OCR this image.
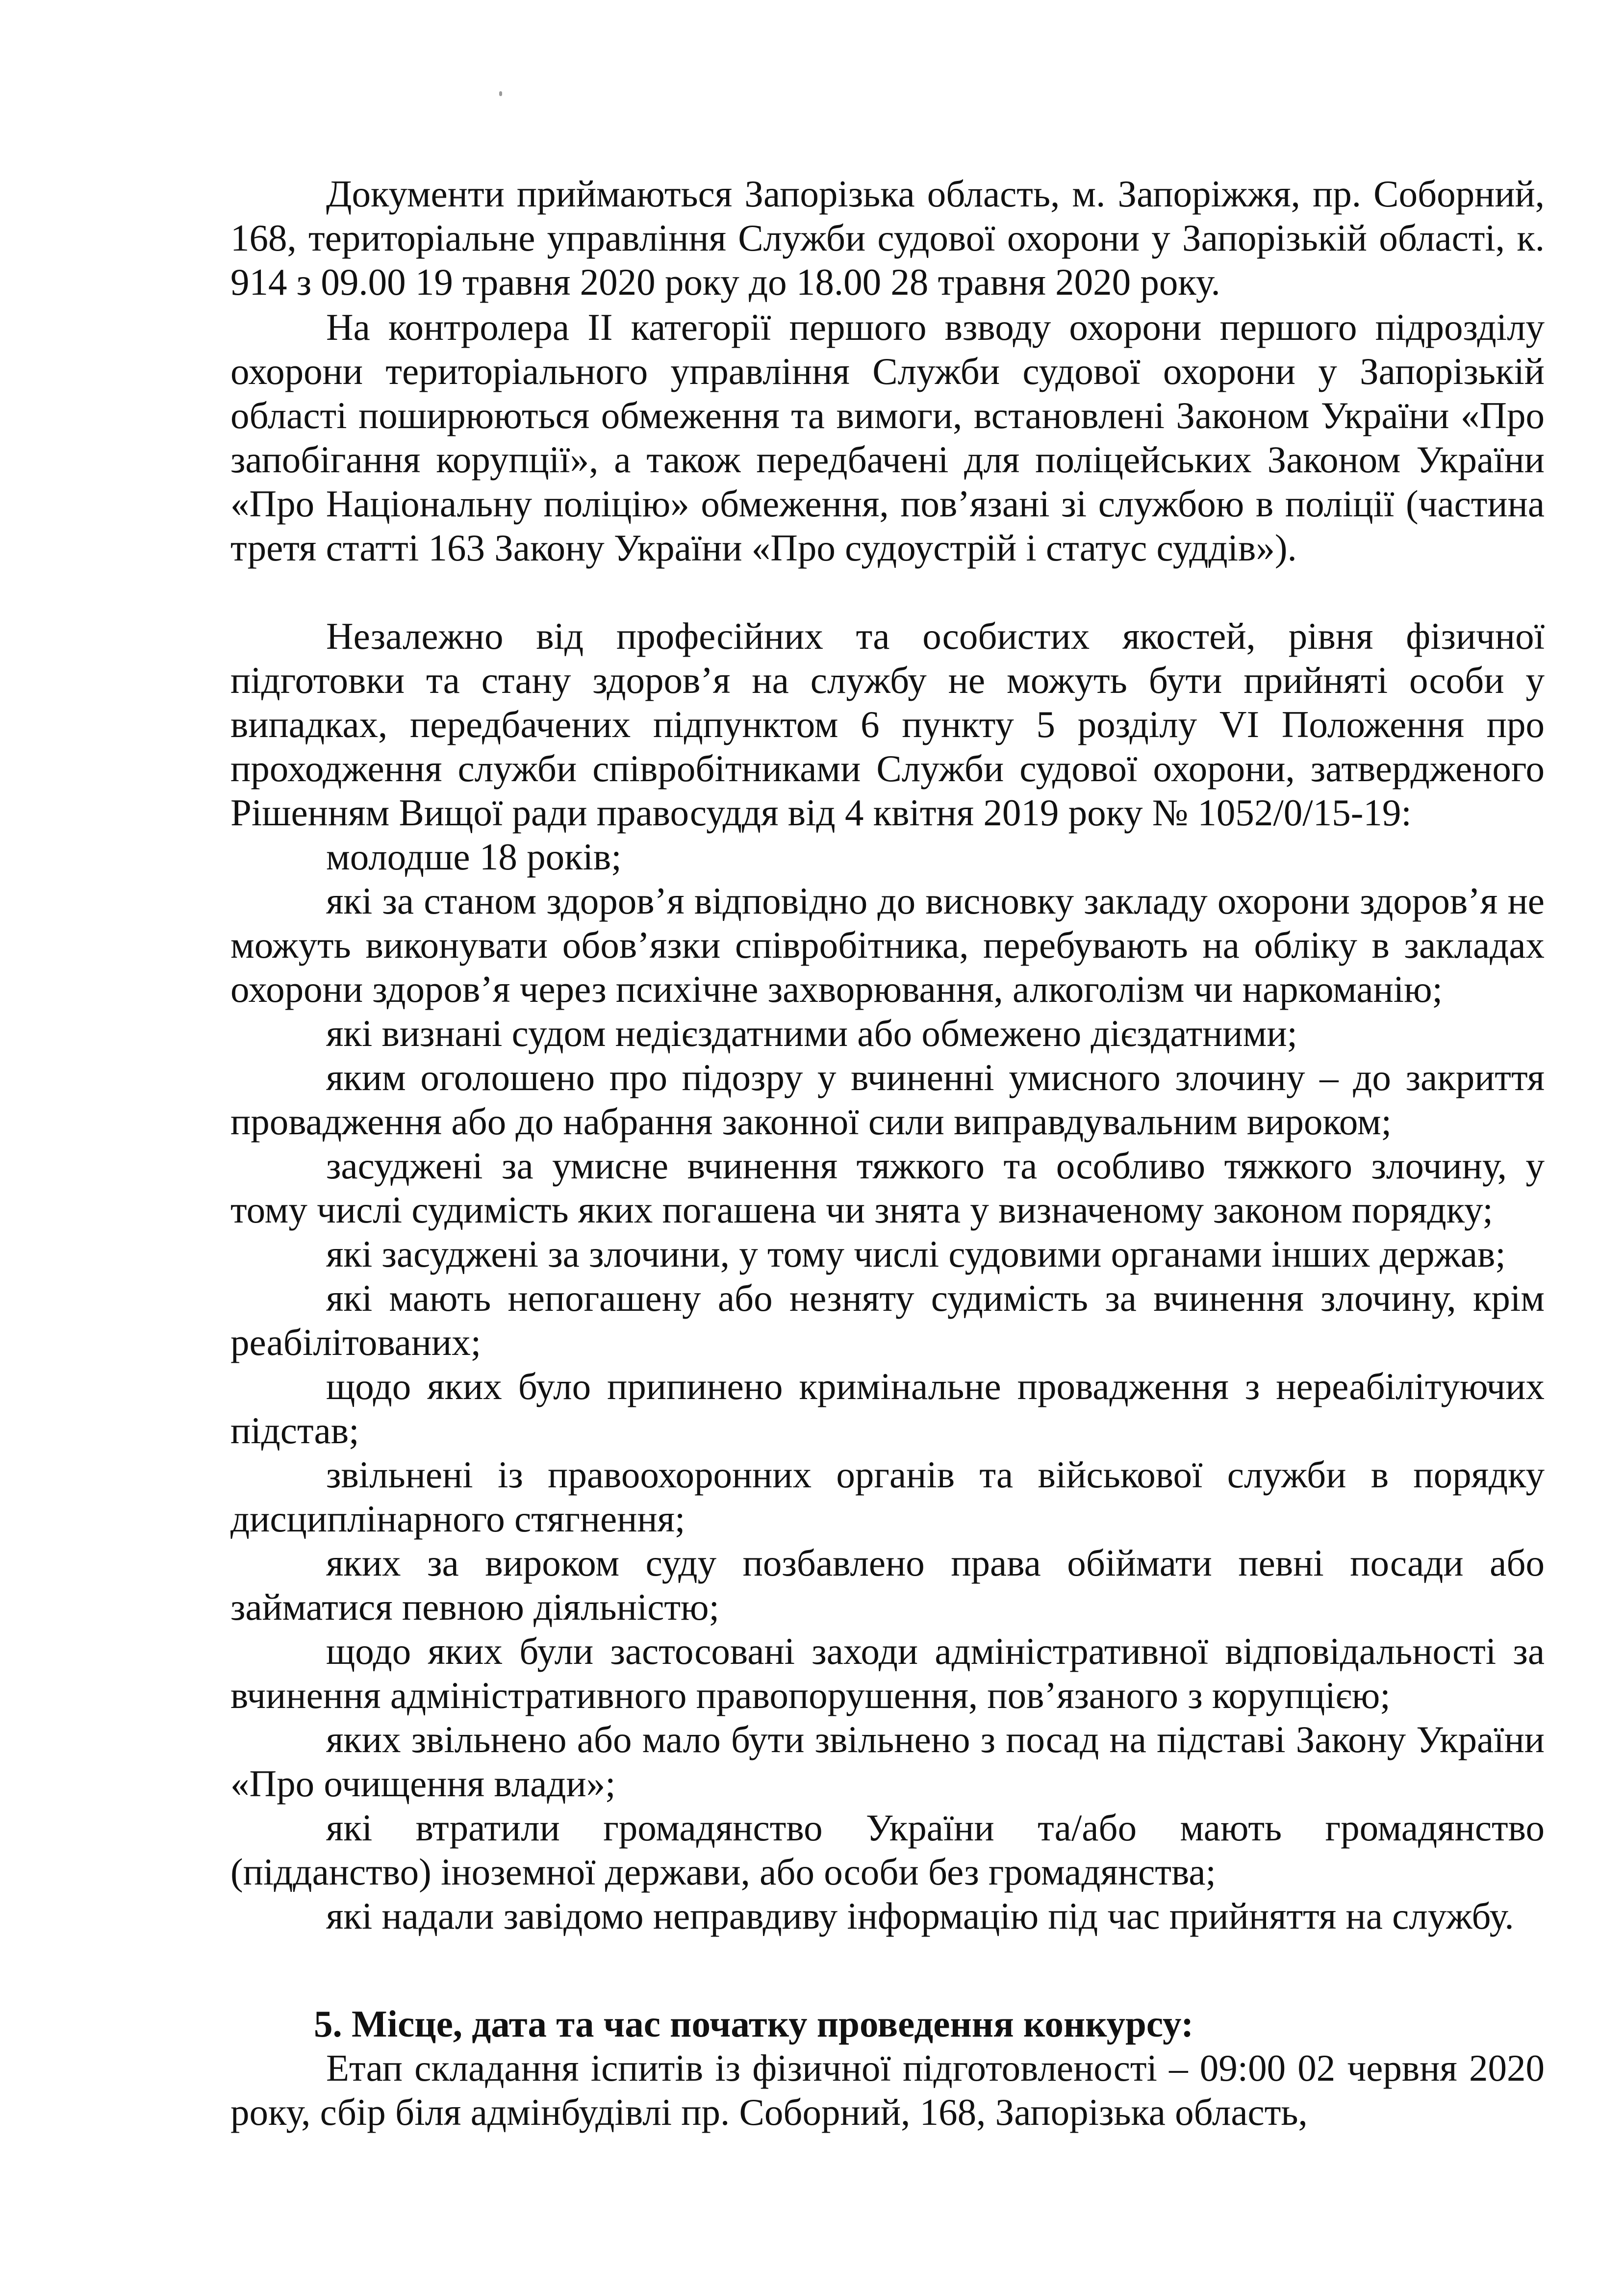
Документи приймаються Запорізька область, м. Запоріжжя, пр. Соборний, 168, територіальне управління Служби судової охорони у Запорізькій області, к. 914 з 09.00 19 травня 2020 року до 18.00 28 травня 2020 року.

На контролера ІІ категорії першого взводу охорони першого підрозділу охорони територіального управління Служби судової охорони у Запорізькій області поширюються обмеження та вимоги, встановлені Законом України «Про запобігання корупції», а також передбачені для поліцейських Законом України «Про Національну поліцію» обмеження, пов’язані зі службою в поліції (частина третя статті 163 Закону України «Про судоустрій і статус суддів»).

Незалежно від професійних та особистих якостей, рівня фізичної підготовки та стану здоров’я на службу не можуть бути прийняті особи у випадках, передбачених підпунктом 6 пункту 5 розділу VI Положення про проходження служби співробітниками Служби судової охорони, затвердженого Рішенням Вищої ради правосуддя від 4 квітня 2019 року № 1052/0/15-19:

молодше 18 років;

які за станом здоров’я відповідно до висновку закладу охорони здоров’я не можуть виконувати обов’язки співробітника, перебувають на обліку в закладах охорони здоров’я через психічне захворювання, алкоголізм чи наркоманію;

які визнані судом недієздатними або обмежено дієздатними;

яким оголошено про підозру у вчиненні умисного злочину – до закриття провадження або до набрання законної сили виправдувальним вироком;

засуджені за умисне вчинення тяжкого та особливо тяжкого злочину, у тому числі судимість яких погашена чи знята у визначеному законом порядку;

які засуджені за злочини, у тому числі судовими органами інших держав;

які мають непогашену або незняту судимість за вчинення злочину, крім реабілітованих;

щодо яких було припинено кримінальне провадження з нереабілітуючих підстав;

звільнені із правоохоронних органів та військової служби в порядку дисциплінарного стягнення;

яких за вироком суду позбавлено права обіймати певні посади або займатися певною діяльністю;

щодо яких були застосовані заходи адміністративної відповідальності за вчинення адміністративного правопорушення, пов’язаного з корупцією;

яких звільнено або мало бути звільнено з посад на підставі Закону України «Про очищення влади»;

які втратили громадянство України та/або мають громадянство (підданство) іноземної держави, або особи без громадянства;

які надали завідомо неправдиву інформацію під час прийняття на службу.

5. Місце, дата та час початку проведення конкурсу:

Етап складання іспитів із фізичної підготовленості – 09:00 02 червня 2020 року, сбір біля адмінбудівлі пр. Соборний, 168, Запорізька область,
